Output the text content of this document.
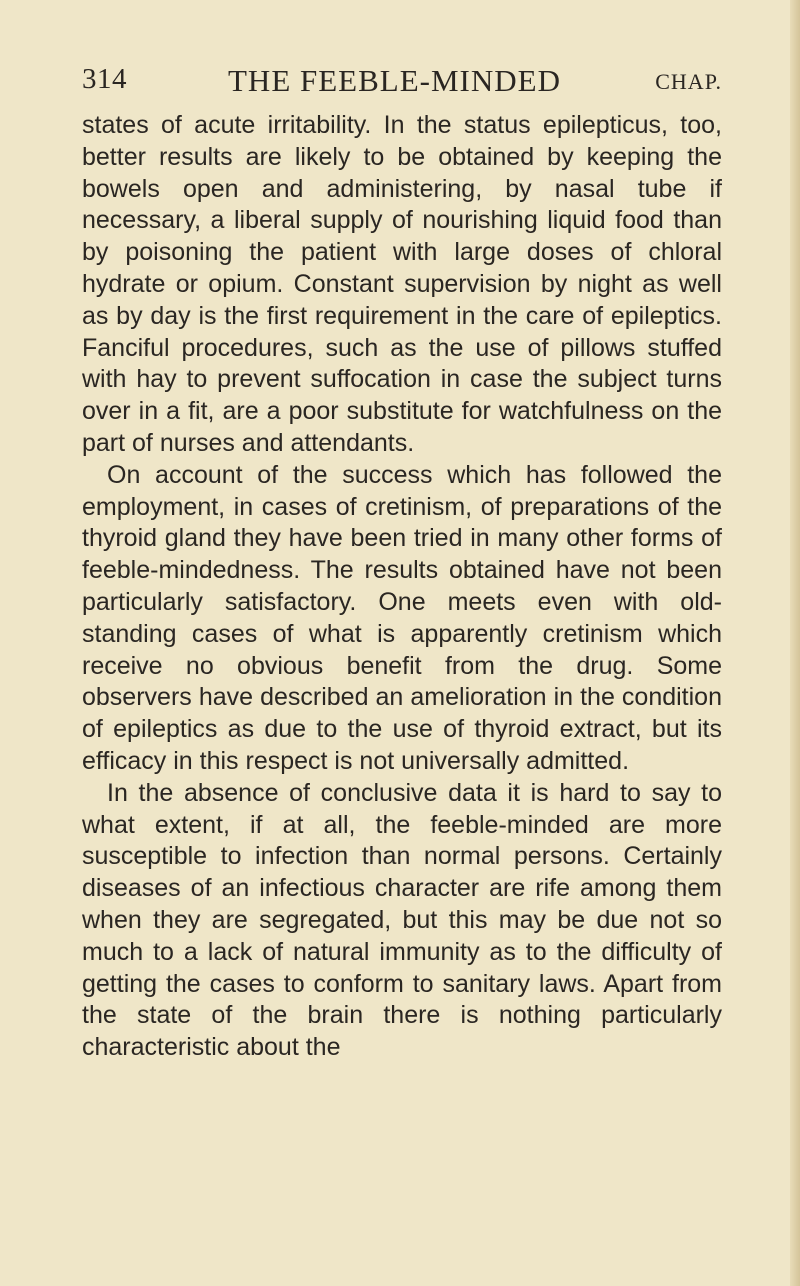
314	THE FEEBLE-MINDED	CHAP.

states of acute irritability. In the status epilepticus, too, better results are likely to be obtained by keeping the bowels open and administering, by nasal tube if necessary, a liberal supply of nourishing liquid food than by poisoning the patient with large doses of chloral hydrate or opium. Constant supervision by night as well as by day is the first requirement in the care of epileptics. Fanciful procedures, such as the use of pillows stuffed with hay to prevent suffocation in case the subject turns over in a fit, are a poor substitute for watchfulness on the part of nurses and attendants.

On account of the success which has followed the employment, in cases of cretinism, of preparations of the thyroid gland they have been tried in many other forms of feeble-mindedness. The results obtained have not been particularly satisfactory. One meets even with old-standing cases of what is apparently cretinism which receive no obvious benefit from the drug. Some observers have described an amelioration in the condition of epileptics as due to the use of thyroid extract, but its efficacy in this respect is not universally admitted.

In the absence of conclusive data it is hard to say to what extent, if at all, the feeble-minded are more susceptible to infection than normal persons. Certainly diseases of an infectious character are rife among them when they are segregated, but this may be due not so much to a lack of natural immunity as to the difficulty of getting the cases to conform to sanitary laws. Apart from the state of the brain there is nothing particularly characteristic about the
